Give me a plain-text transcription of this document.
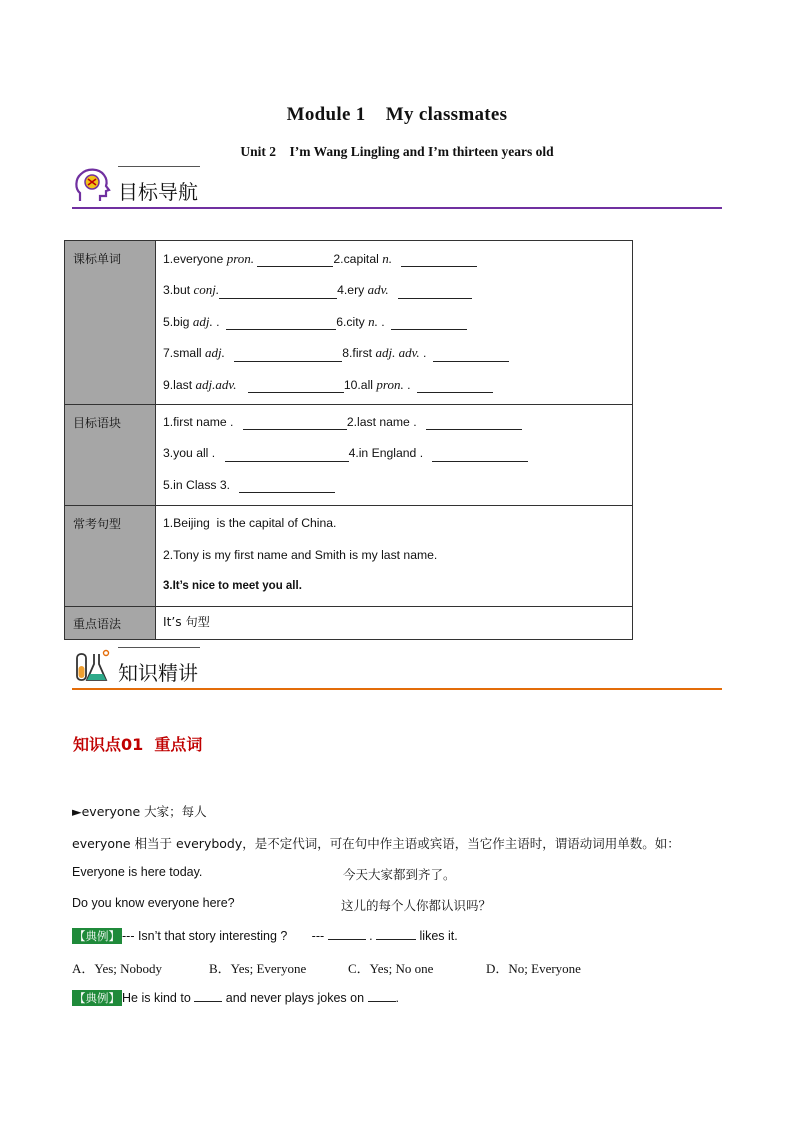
Module 1    My classmates
Unit 2    I’m Wang Lingling and I’m thirteen years old
目标导航
课标单词	1.everyone pron. 2.capital n.
3.but conj. 4.ery adv.
5.big adj. . 6.city n. .
7.small adj. 8.first adj. adv. .
9.last adj.adv. 10.all pron. .

目标语块	1.first name . 2.last name .
3.you all . 4.in England .
5.in Class 3.

常考句型	1.Beijing  is the capital of China.
2.Tony is my first name and Smith is my last name.
3.It’s nice to meet you all.

重点语法	It’s 句型
知识精讲
知识点01  重点词
►everyone 大家；每人
everyone 相当于 everybody，是不定代词，可在句中作主语或宾语，当它作主语时，谓语动词用单数。如：
Everyone is here today.	今天大家都到齐了。
Do you know everyone here?	这儿的每个人你都认识吗？
【典例】 --- Isn’t that story interesting ? ---	.	likes it.
A．Yes; Nobody	B．Yes; Everyone	C．Yes; No one	D．No; Everyone
【典例】 He is kind to  and never plays jokes on .
